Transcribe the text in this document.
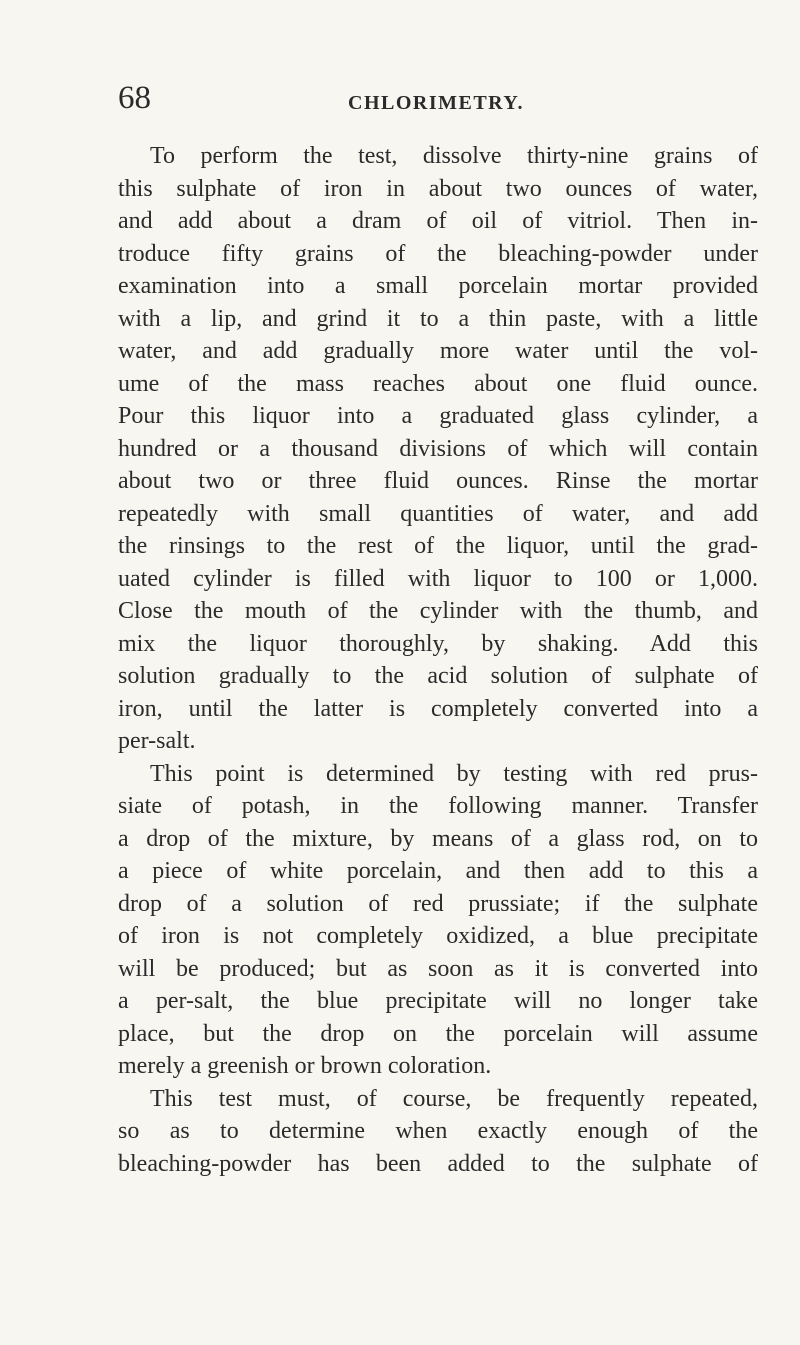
68	CHLORIMETRY.
To perform the test, dissolve thirty-nine grains of
this sulphate of iron in about two ounces of water,
and add about a dram of oil of vitriol. Then in-
troduce fifty grains of the bleaching-powder under
examination into a small porcelain mortar provided
with a lip, and grind it to a thin paste, with a little
water, and add gradually more water until the vol-
ume of the mass reaches about one fluid ounce.
Pour this liquor into a graduated glass cylinder, a
hundred or a thousand divisions of which will contain
about two or three fluid ounces. Rinse the mortar
repeatedly with small quantities of water, and add
the rinsings to the rest of the liquor, until the grad-
uated cylinder is filled with liquor to 100 or 1,000.
Close the mouth of the cylinder with the thumb, and
mix the liquor thoroughly, by shaking. Add this
solution gradually to the acid solution of sulphate of
iron, until the latter is completely converted into a
per-salt.
This point is determined by testing with red prus-
siate of potash, in the following manner. Transfer
a drop of the mixture, by means of a glass rod, on to
a piece of white porcelain, and then add to this a
drop of a solution of red prussiate; if the sulphate
of iron is not completely oxidized, a blue precipitate
will be produced; but as soon as it is converted into
a per-salt, the blue precipitate will no longer take
place, but the drop on the porcelain will assume
merely a greenish or brown coloration.
This test must, of course, be frequently repeated,
so as to determine when exactly enough of the
bleaching-powder has been added to the sulphate of
